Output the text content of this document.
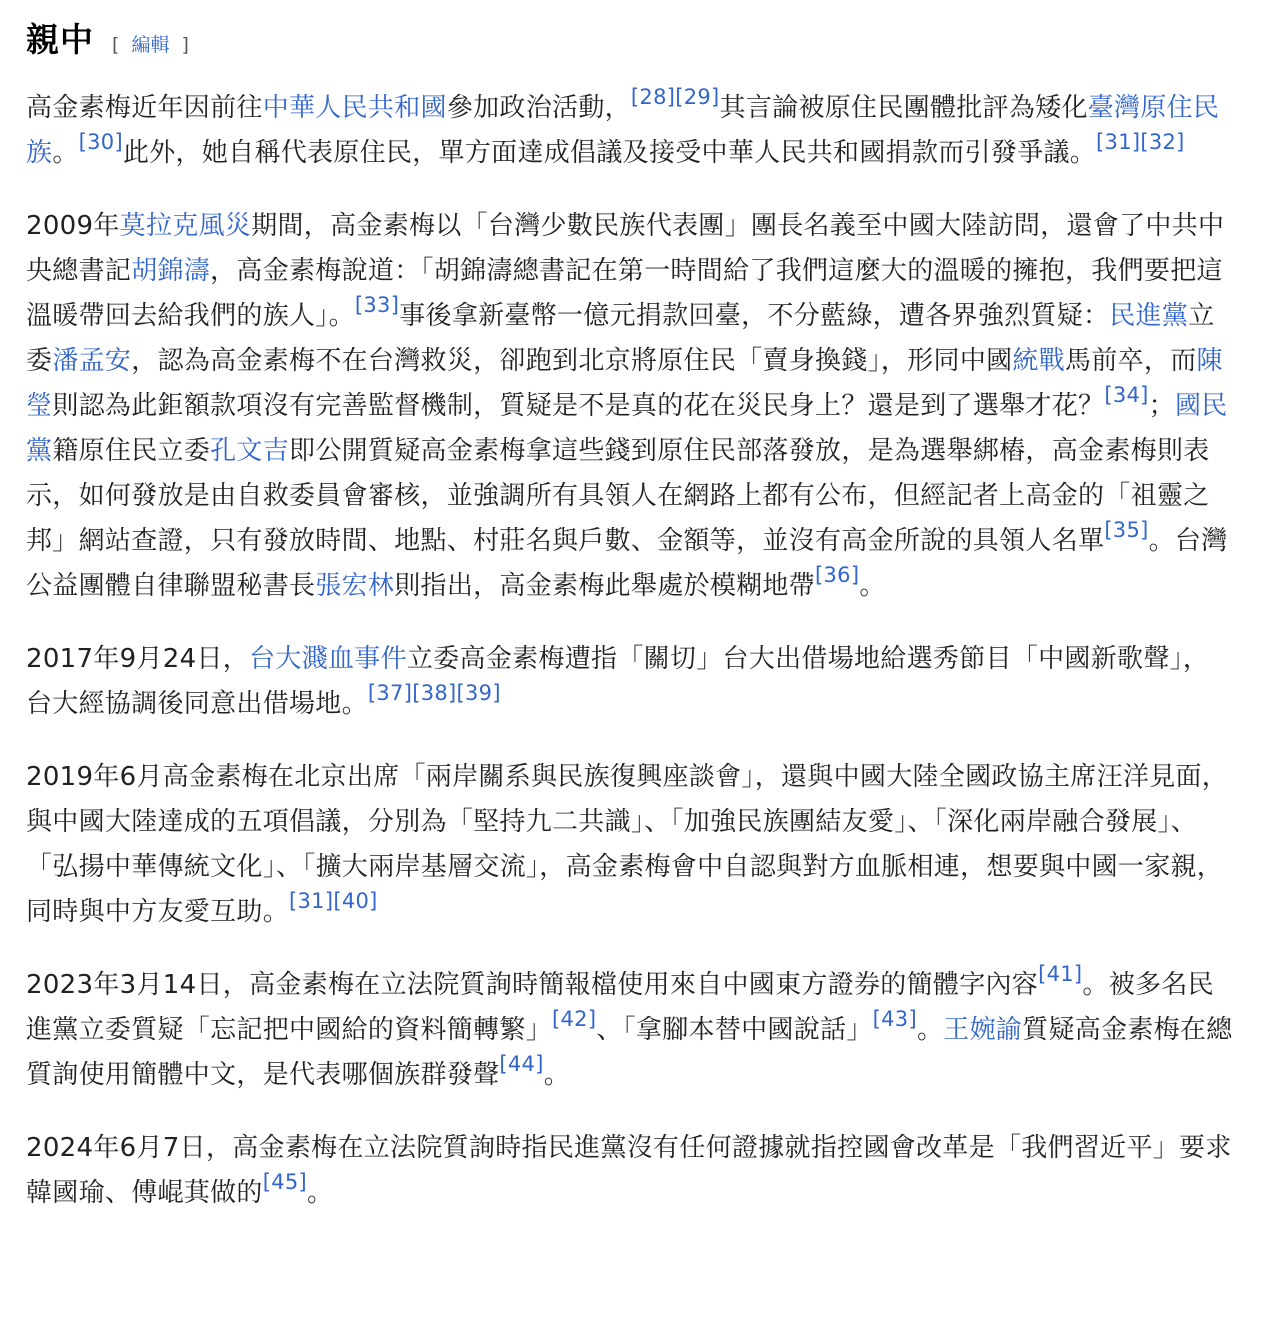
親中 [ 編輯 ]

高金素梅近年因前往中華人民共和國參加政治活動，[28][29]其言論被原住民團體批評為矮化臺灣原住民族。[30]此外，她自稱代表原住民，單方面達成倡議及接受中華人民共和國捐款而引發爭議。[31][32]

2009年莫拉克風災期間，高金素梅以「台灣少數民族代表團」團長名義至中國大陸訪問，還會了中共中央總書記胡錦濤，高金素梅說道：「胡錦濤總書記在第一時間給了我們這麼大的溫暖的擁抱，我們要把這溫暖帶回去給我們的族人」。[33]事後拿新臺幣一億元捐款回臺，不分藍綠，遭各界強烈質疑：民進黨立委潘孟安，認為高金素梅不在台灣救災，卻跑到北京將原住民「賣身換錢」，形同中國統戰馬前卒，而陳瑩則認為此鉅額款項沒有完善監督機制，質疑是不是真的花在災民身上？還是到了選舉才花？[34]；國民黨籍原住民立委孔文吉即公開質疑高金素梅拿這些錢到原住民部落發放，是為選舉綁樁，高金素梅則表示，如何發放是由自救委員會審核，並強調所有具領人在網路上都有公布，但經記者上高金的「祖靈之邦」網站查證，只有發放時間、地點、村莊名與戶數、金額等，並沒有高金所說的具領人名單[35]。台灣公益團體自律聯盟秘書長張宏林則指出，高金素梅此舉處於模糊地帶[36]。

2017年9月24日，台大濺血事件立委高金素梅遭指「關切」台大出借場地給選秀節目「中國新歌聲」，台大經協調後同意出借場地。[37][38][39]

2019年6月高金素梅在北京出席「兩岸關系與民族復興座談會」，還與中國大陸全國政協主席汪洋見面，與中國大陸達成的五項倡議，分別為「堅持九二共識」、「加強民族團結友愛」、「深化兩岸融合發展」、「弘揚中華傳統文化」、「擴大兩岸基層交流」，高金素梅會中自認與對方血脈相連，想要與中國一家親，同時與中方友愛互助。[31][40]

2023年3月14日，高金素梅在立法院質詢時簡報檔使用來自中國東方證券的簡體字內容[41]。被多名民進黨立委質疑「忘記把中國給的資料簡轉繁」[42]、「拿腳本替中國說話」[43]。王婉諭質疑高金素梅在總質詢使用簡體中文，是代表哪個族群發聲[44]。

2024年6月7日，高金素梅在立法院質詢時指民進黨沒有任何證據就指控國會改革是「我們習近平」要求韓國瑜、傅崐萁做的[45]。
